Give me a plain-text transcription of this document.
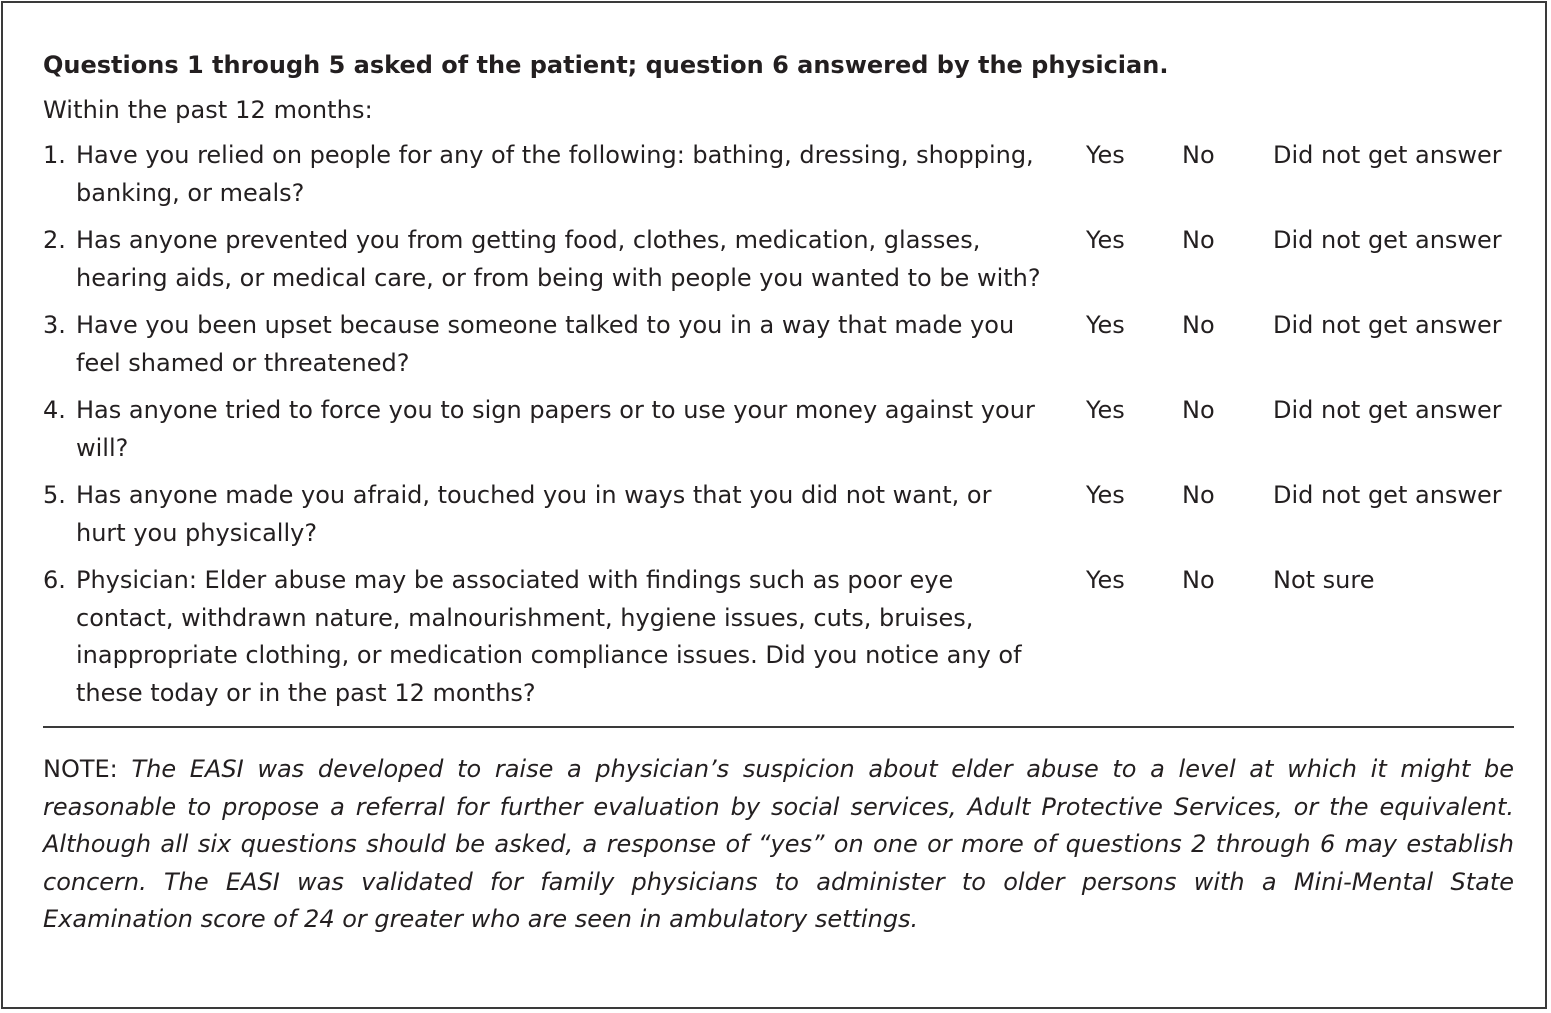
Questions 1 through 5 asked of the patient; question 6 answered by the physician.

Within the past 12 months:

1. Have you relied on people for any of the following: bathing, dressing, shopping, banking, or meals?
Yes No Did not get answer
2. Has anyone prevented you from getting food, clothes, medication, glasses, hearing aids, or medical care, or from being with people you wanted to be with?
Yes No Did not get answer
3. Have you been upset because someone talked to you in a way that made you feel shamed or threatened?
Yes No Did not get answer
4. Has anyone tried to force you to sign papers or to use your money against your will?
Yes No Did not get answer
5. Has anyone made you afraid, touched you in ways that you did not want, or hurt you physically?
Yes No Did not get answer
6. Physician: Elder abuse may be associated with findings such as poor eye contact, withdrawn nature, malnourishment, hygiene issues, cuts, bruises, inappropriate clothing, or medication compliance issues. Did you notice any of these today or in the past 12 months?
Yes No Not sure
NOTE: The EASI was developed to raise a physician’s suspicion about elder abuse to a level at which it might be reasonable to propose a referral for further evaluation by social services, Adult Protective Services, or the equivalent. Although all six questions should be asked, a response of “yes” on one or more of questions 2 through 6 may establish concern. The EASI was validated for family physicians to administer to older persons with a Mini-Mental State Examination score of 24 or greater who are seen in ambulatory settings.
